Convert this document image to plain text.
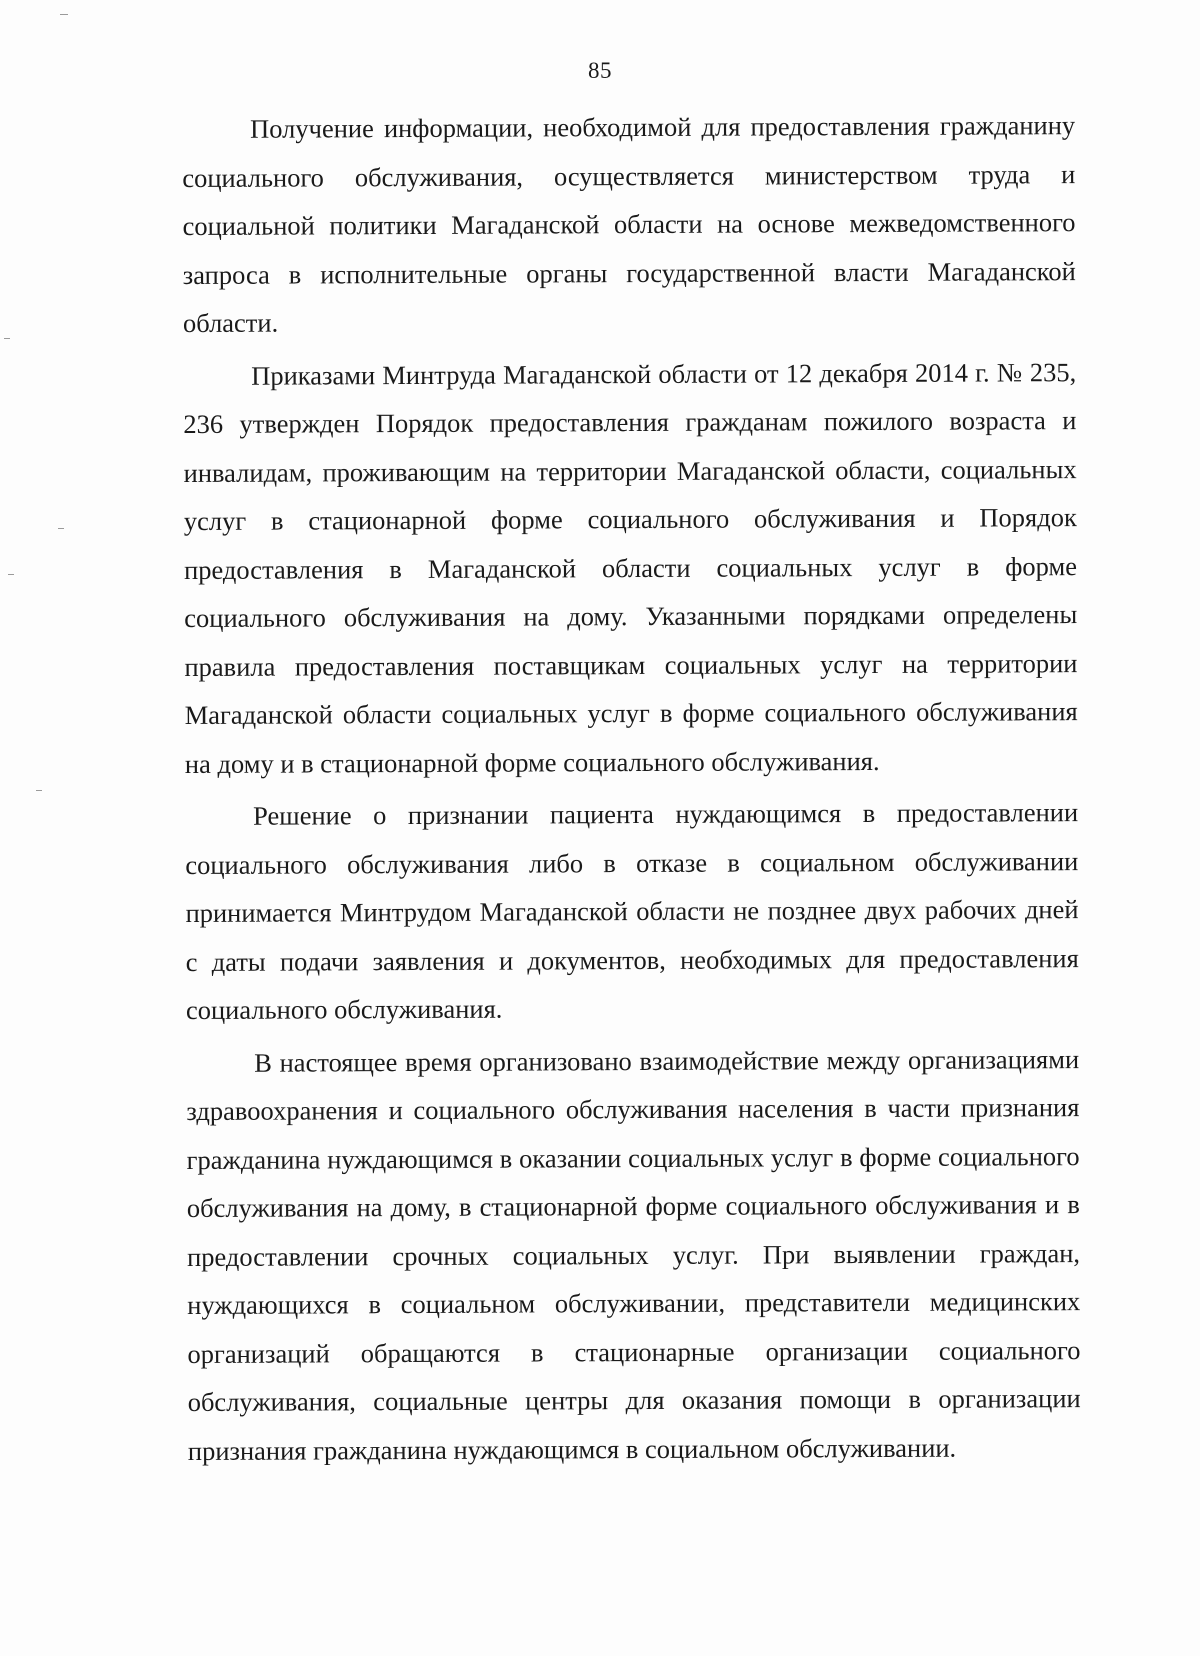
85

Получение информации, необходимой для предоставления гражданину социального обслуживания, осуществляется министерством труда и социальной политики Магаданской области на основе межведомственного запроса в исполнительные органы государственной власти Магаданской области.

Приказами Минтруда Магаданской области от 12 декабря 2014 г. № 235, 236 утвержден Порядок предоставления гражданам пожилого возраста и инвалидам, проживающим на территории Магаданской области, социальных услуг в стационарной форме социального обслуживания и Порядок предоставления в Магаданской области социальных услуг в форме социального обслуживания на дому. Указанными порядками определены правила предоставления поставщикам социальных услуг на территории Магаданской области социальных услуг в форме социального обслуживания на дому и в стационарной форме социального обслуживания.

Решение о признании пациента нуждающимся в предоставлении социального обслуживания либо в отказе в социальном обслуживании принимается Минтрудом Магаданской области не позднее двух рабочих дней с даты подачи заявления и документов, необходимых для предоставления социального обслуживания.

В настоящее время организовано взаимодействие между организациями здравоохранения и социального обслуживания населения в части признания гражданина нуждающимся в оказании социальных услуг в форме социального обслуживания на дому, в стационарной форме социального обслуживания и в предоставлении срочных социальных услуг. При выявлении граждан, нуждающихся в социальном обслуживании, представители медицинских организаций обращаются в стационарные организации социального обслуживания, социальные центры для оказания помощи в организации признания гражданина нуждающимся в социальном обслуживании.
